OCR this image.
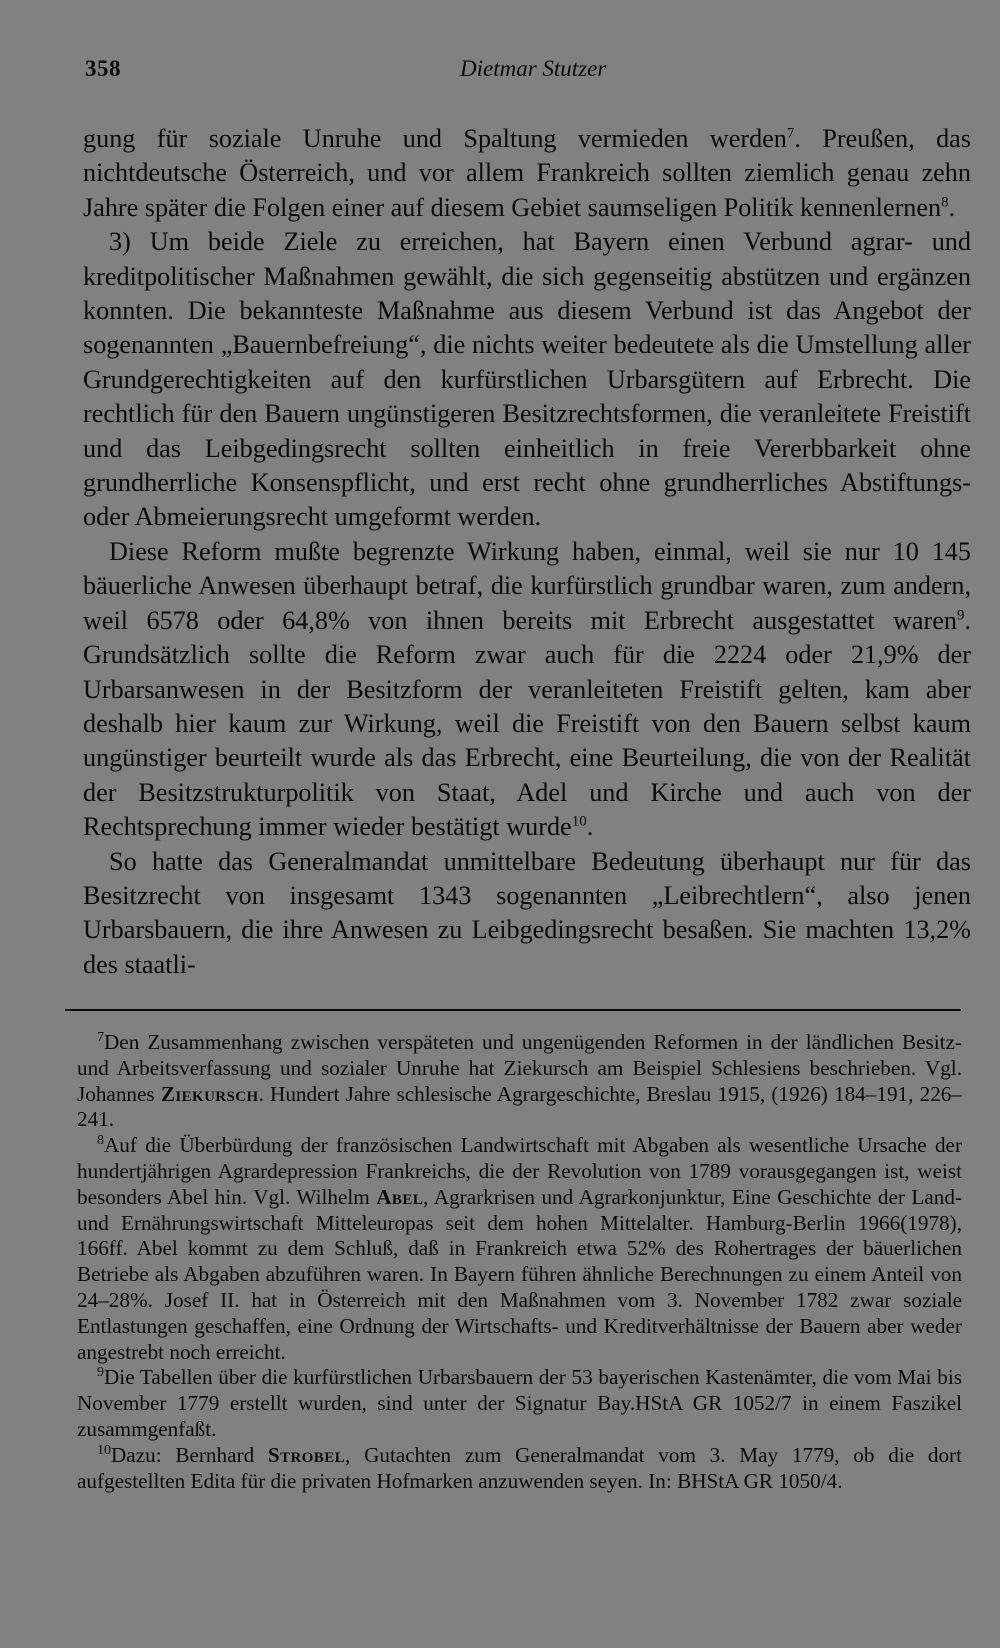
358	Dietmar Stutzer

gung für soziale Unruhe und Spaltung vermieden werden$^7$. Preußen, das nichtdeutsche Österreich, und vor allem Frankreich sollten ziemlich genau zehn Jahre später die Folgen einer auf diesem Gebiet saumseligen Politik kennenlernen$^8$.

3) Um beide Ziele zu erreichen, hat Bayern einen Verbund agrar- und kreditpolitischer Maßnahmen gewählt, die sich gegenseitig abstützen und ergänzen konnten. Die bekannteste Maßnahme aus diesem Verbund ist das Angebot der sogenannten „Bauernbefreiung“, die nichts weiter bedeutete als die Umstellung aller Grundgerechtigkeiten auf den kurfürstlichen Urbarsgütern auf Erbrecht. Die rechtlich für den Bauern ungünstigeren Besitzrechtsformen, die veranleitete Freistift und das Leibgedingsrecht sollten einheitlich in freie Vererbbarkeit ohne grundherrliche Konsenspflicht, und erst recht ohne grundherrliches Abstiftungs- oder Abmeierungsrecht umgeformt werden.

Diese Reform mußte begrenzte Wirkung haben, einmal, weil sie nur 10 145 bäuerliche Anwesen überhaupt betraf, die kurfürstlich grundbar waren, zum andern, weil 6578 oder 64,8% von ihnen bereits mit Erbrecht ausgestattet waren$^9$. Grundsätzlich sollte die Reform zwar auch für die 2224 oder 21,9% der Urbarsanwesen in der Besitzform der veranleiteten Freistift gelten, kam aber deshalb hier kaum zur Wirkung, weil die Freistift von den Bauern selbst kaum ungünstiger beurteilt wurde als das Erbrecht, eine Beurteilung, die von der Realität der Besitzstrukturpolitik von Staat, Adel und Kirche und auch von der Rechtsprechung immer wieder bestätigt wurde$^{10}$.

So hatte das Generalmandat unmittelbare Bedeutung überhaupt nur für das Besitzrecht von insgesamt 1343 sogenannten „Leibrechtlern“, also jenen Urbarsbauern, die ihre Anwesen zu Leibgedingsrecht besaßen. Sie machten 13,2% des staatli-

$^7$Den Zusammenhang zwischen verspäteten und ungenügenden Reformen in der ländlichen Besitz- und Arbeitsverfassung und sozialer Unruhe hat Ziekursch am Beispiel Schlesiens beschrieben. Vgl. Johannes Ziekursch. Hundert Jahre schlesische Agrargeschichte, Breslau 1915, (1926) 184–191, 226–241.

$^8$Auf die Überbürdung der französischen Landwirtschaft mit Abgaben als wesentliche Ursache der hundertjährigen Agrardepression Frankreichs, die der Revolution von 1789 vorausgegangen ist, weist besonders Abel hin. Vgl. Wilhelm Abel, Agrarkrisen und Agrarkonjunktur, Eine Geschichte der Land- und Ernährungswirtschaft Mitteleuropas seit dem hohen Mittelalter. Hamburg-Berlin 1966(1978), 166ff. Abel kommt zu dem Schluß, daß in Frankreich etwa 52% des Rohertrages der bäuerlichen Betriebe als Abgaben abzuführen waren. In Bayern führen ähnliche Berechnungen zu einem Anteil von 24–28%. Josef II. hat in Österreich mit den Maßnahmen vom 3. November 1782 zwar soziale Entlastungen geschaffen, eine Ordnung der Wirtschafts- und Kreditverhältnisse der Bauern aber weder angestrebt noch erreicht.

$^9$Die Tabellen über die kurfürstlichen Urbarsbauern der 53 bayerischen Kastenämter, die vom Mai bis November 1779 erstellt wurden, sind unter der Signatur Bay.HStA GR 1052/7 in einem Faszikel zusammgenfaßt.

$^{10}$Dazu: Bernhard Strobel, Gutachten zum Generalmandat vom 3. May 1779, ob die dort aufgestellten Edita für die privaten Hofmarken anzuwenden seyen. In: BHStA GR 1050/4.
